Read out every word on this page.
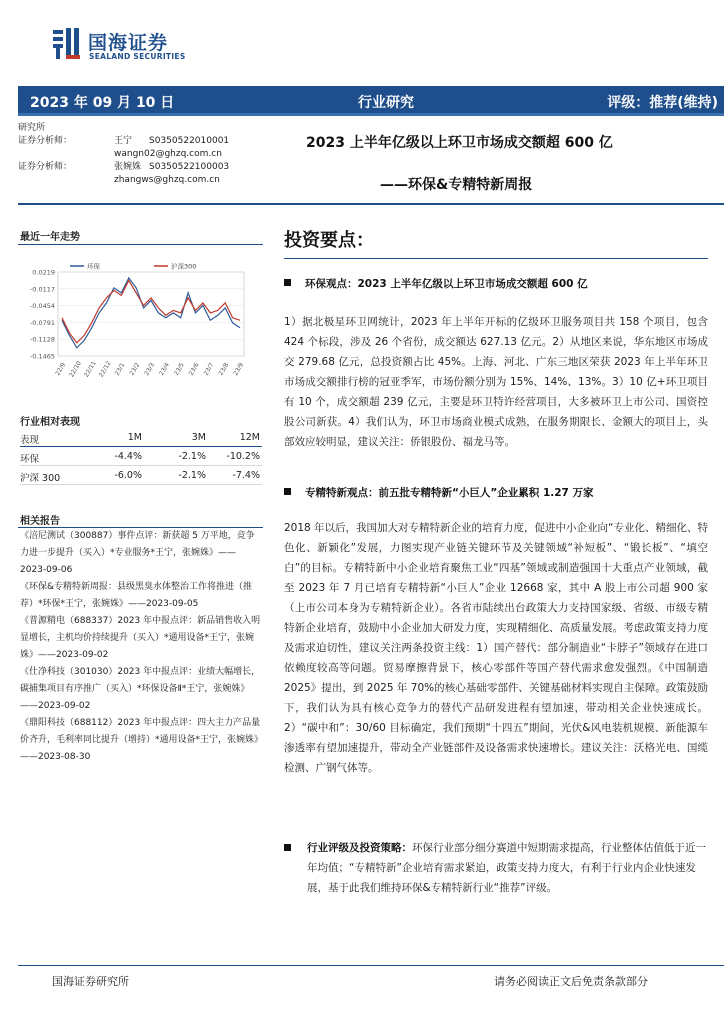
国海证券
SEALAND SECURITIES
2023 年 09 月 10 日	行业研究	评级：推荐(维持)
研究所
证券分析师：	王宁 S0350522010001
wangn02@ghzq.com.cn
证券分析师：	张婉姝 S0350522100003
zhangws@ghzq.com.cn
2023 上半年亿级以上环卫市场成交额超 600 亿
——环保&专精特新周报
最近一年走势
0.0219
-0.0117
-0.0454
-0.0791
-0.1128
-0.1465
22/9 22/10 22/11 22/12 23/1 23/2 23/3 23/4 23/5 23/6 23/7 23/8 23/9
环保	沪深300
行业相对表现
表现	1M	3M	12M
环保	-4.4%	-2.1% -10.2%
沪深 300	-6.0%	-2.1%	-7.4%
相关报告
《涪尼测试（300887）事件点评：新获超 5 万平地，竞争力进一步提升（买入）*专业服务*王宁，张婉姝》——2023-09-06
《环保&专精特新周报：县级黑臭水体整治工作将推进（推荐）*环保*王宁，张婉姝》——2023-09-05
《普源精电（688337）2023 年中报点评：新品销售收入明显增长，主机均价持续提升（买入）*通用设备*王宁，张婉姝》——2023-09-02
《仕净科技（301030）2023 年中报点评：业绩大幅增长，碳捕集项目有序推广（买入）*环保设备Ⅱ*王宁，张婉姝》——2023-09-02
《鼎阳科技（688112）2023 年中报点评：四大主力产品量价齐升，毛利率同比提升（增持）*通用设备*王宁，张婉姝》——2023-08-30
投资要点：
环保观点：2023 上半年亿级以上环卫市场成交额超 600 亿
1）据北极星环卫网统计，2023 年上半年开标的亿级环卫服务项目共 158 个项目，包含 424 个标段，涉及 26 个省份，成交额达 627.13 亿元。2）从地区来说，华东地区市场成交 279.68 亿元，总投资额占比 45%。上海、河北、广东三地区荣获 2023 年上半年环卫市场成交额排行榜的冠亚季军，市场份额分别为 15%、14%、13%。3）10 亿+环卫项目有 10 个，成交额超 239 亿元，主要是环卫特许经营项目，大多被环卫上市公司、国资控股公司新获。4）我们认为，环卫市场商业模式成熟，在服务期限长、金额大的项目上，头部效应较明显，建议关注：侨银股份、福龙马等。
专精特新观点：前五批专精特新“小巨人”企业累积 1.27 万家
2018 年以后，我国加大对专精特新企业的培育力度，促进中小企业向“专业化、精细化、特色化、新颖化”发展，力图实现产业链关键环节及关键领域“补短板”、“锻长板”、“填空白”的目标。专精特新中小企业培育聚焦工业“四基”领域或制造强国十大重点产业领域，截至 2023 年 7 月已培育专精特新“小巨人”企业 12668 家，其中 A 股上市公司超 900 家（上市公司本身为专精特新企业）。各省市陆续出台政策大力支持国家级、省级、市级专精特新企业培育，鼓励中小企业加大研发力度，实现精细化、高质量发展。考虑政策支持力度及需求迫切性，建议关注两条投资主线：1）国产替代：部分制造业“卡脖子”领域存在进口依赖度较高等问题。贸易摩擦背景下，核心零部件等国产替代需求愈发强烈。《中国制造 2025》提出，到 2025 年 70%的核心基础零部件、关键基础材料实现自主保障。政策鼓励下，我们认为具有核心竞争力的替代产品研发进程有望加速，带动相关企业快速成长。2）“碳中和”：30/60 目标确定，我们预期“十四五”期间，光伏&风电装机规模、新能源车渗透率有望加速提升，带动全产业链部件及设备需求快速增长。建议关注：沃格光电、国缆检测、广钢气体等。
行业评级及投资策略：环保行业部分细分赛道中短期需求提高，行业整体估值低于近一年均值；“专精特新”企业培育需求紧迫，政策支持力度大，有利于行业内企业快速发展，基于此我们维持环保&专精特新行业“推荐”评级。
国海证券研究所	请务必阅读正文后免责条款部分
